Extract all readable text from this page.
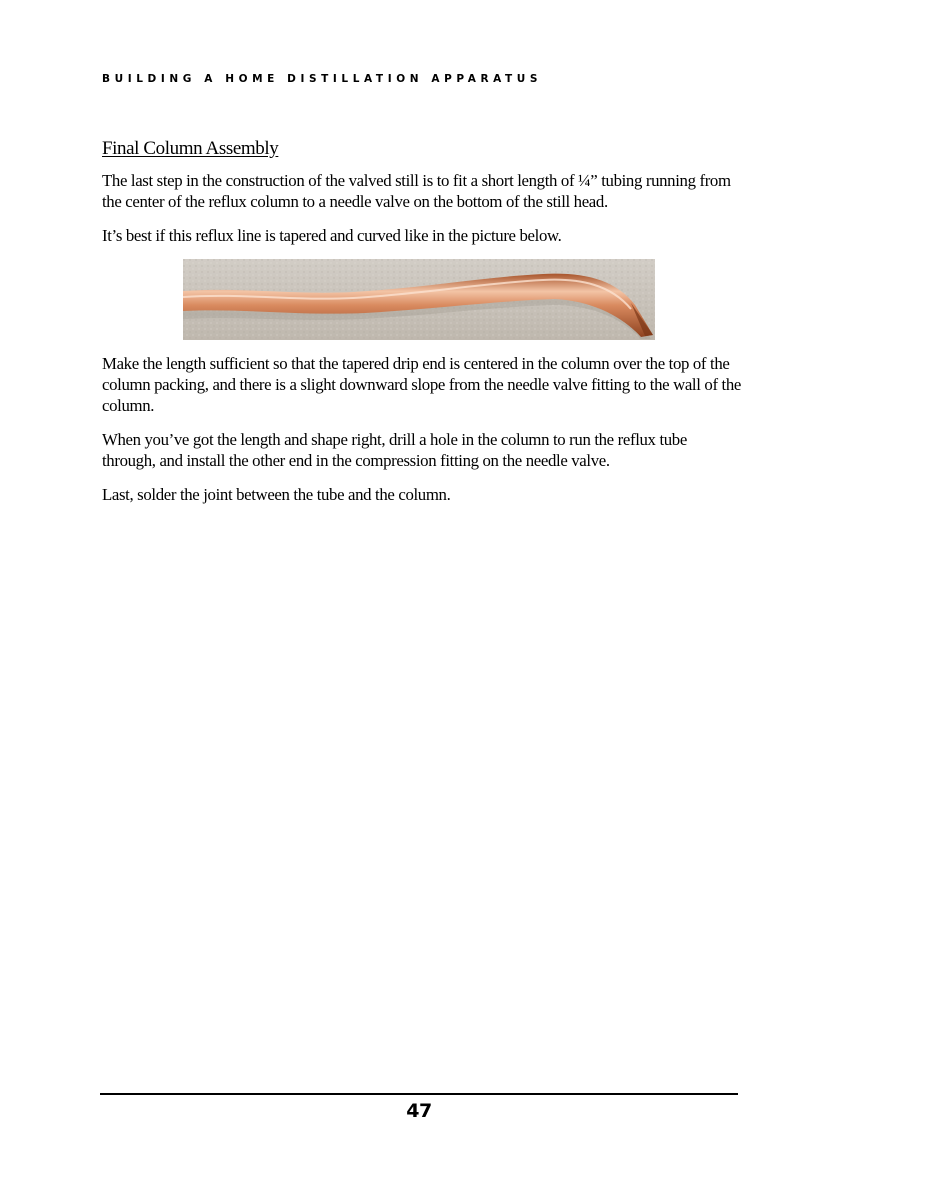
BUILDING A HOME DISTILLATION APPARATUS
Final Column Assembly

The last step in the construction of the valved still is to fit a short length of ¼” tubing running from the center of the reflux column to a needle valve on the bottom of the still head.

It’s best if this reflux line is tapered and curved like in the picture below.

Make the length sufficient so that the tapered drip end is centered in the column over the top of the column packing, and there is a slight downward slope from the needle valve fitting to the wall of the column.

When you’ve got the length and shape right, drill a hole in the column to run the reflux tube through, and install the other end in the compression fitting on the needle valve.

Last, solder the joint between the tube and the column.

47
